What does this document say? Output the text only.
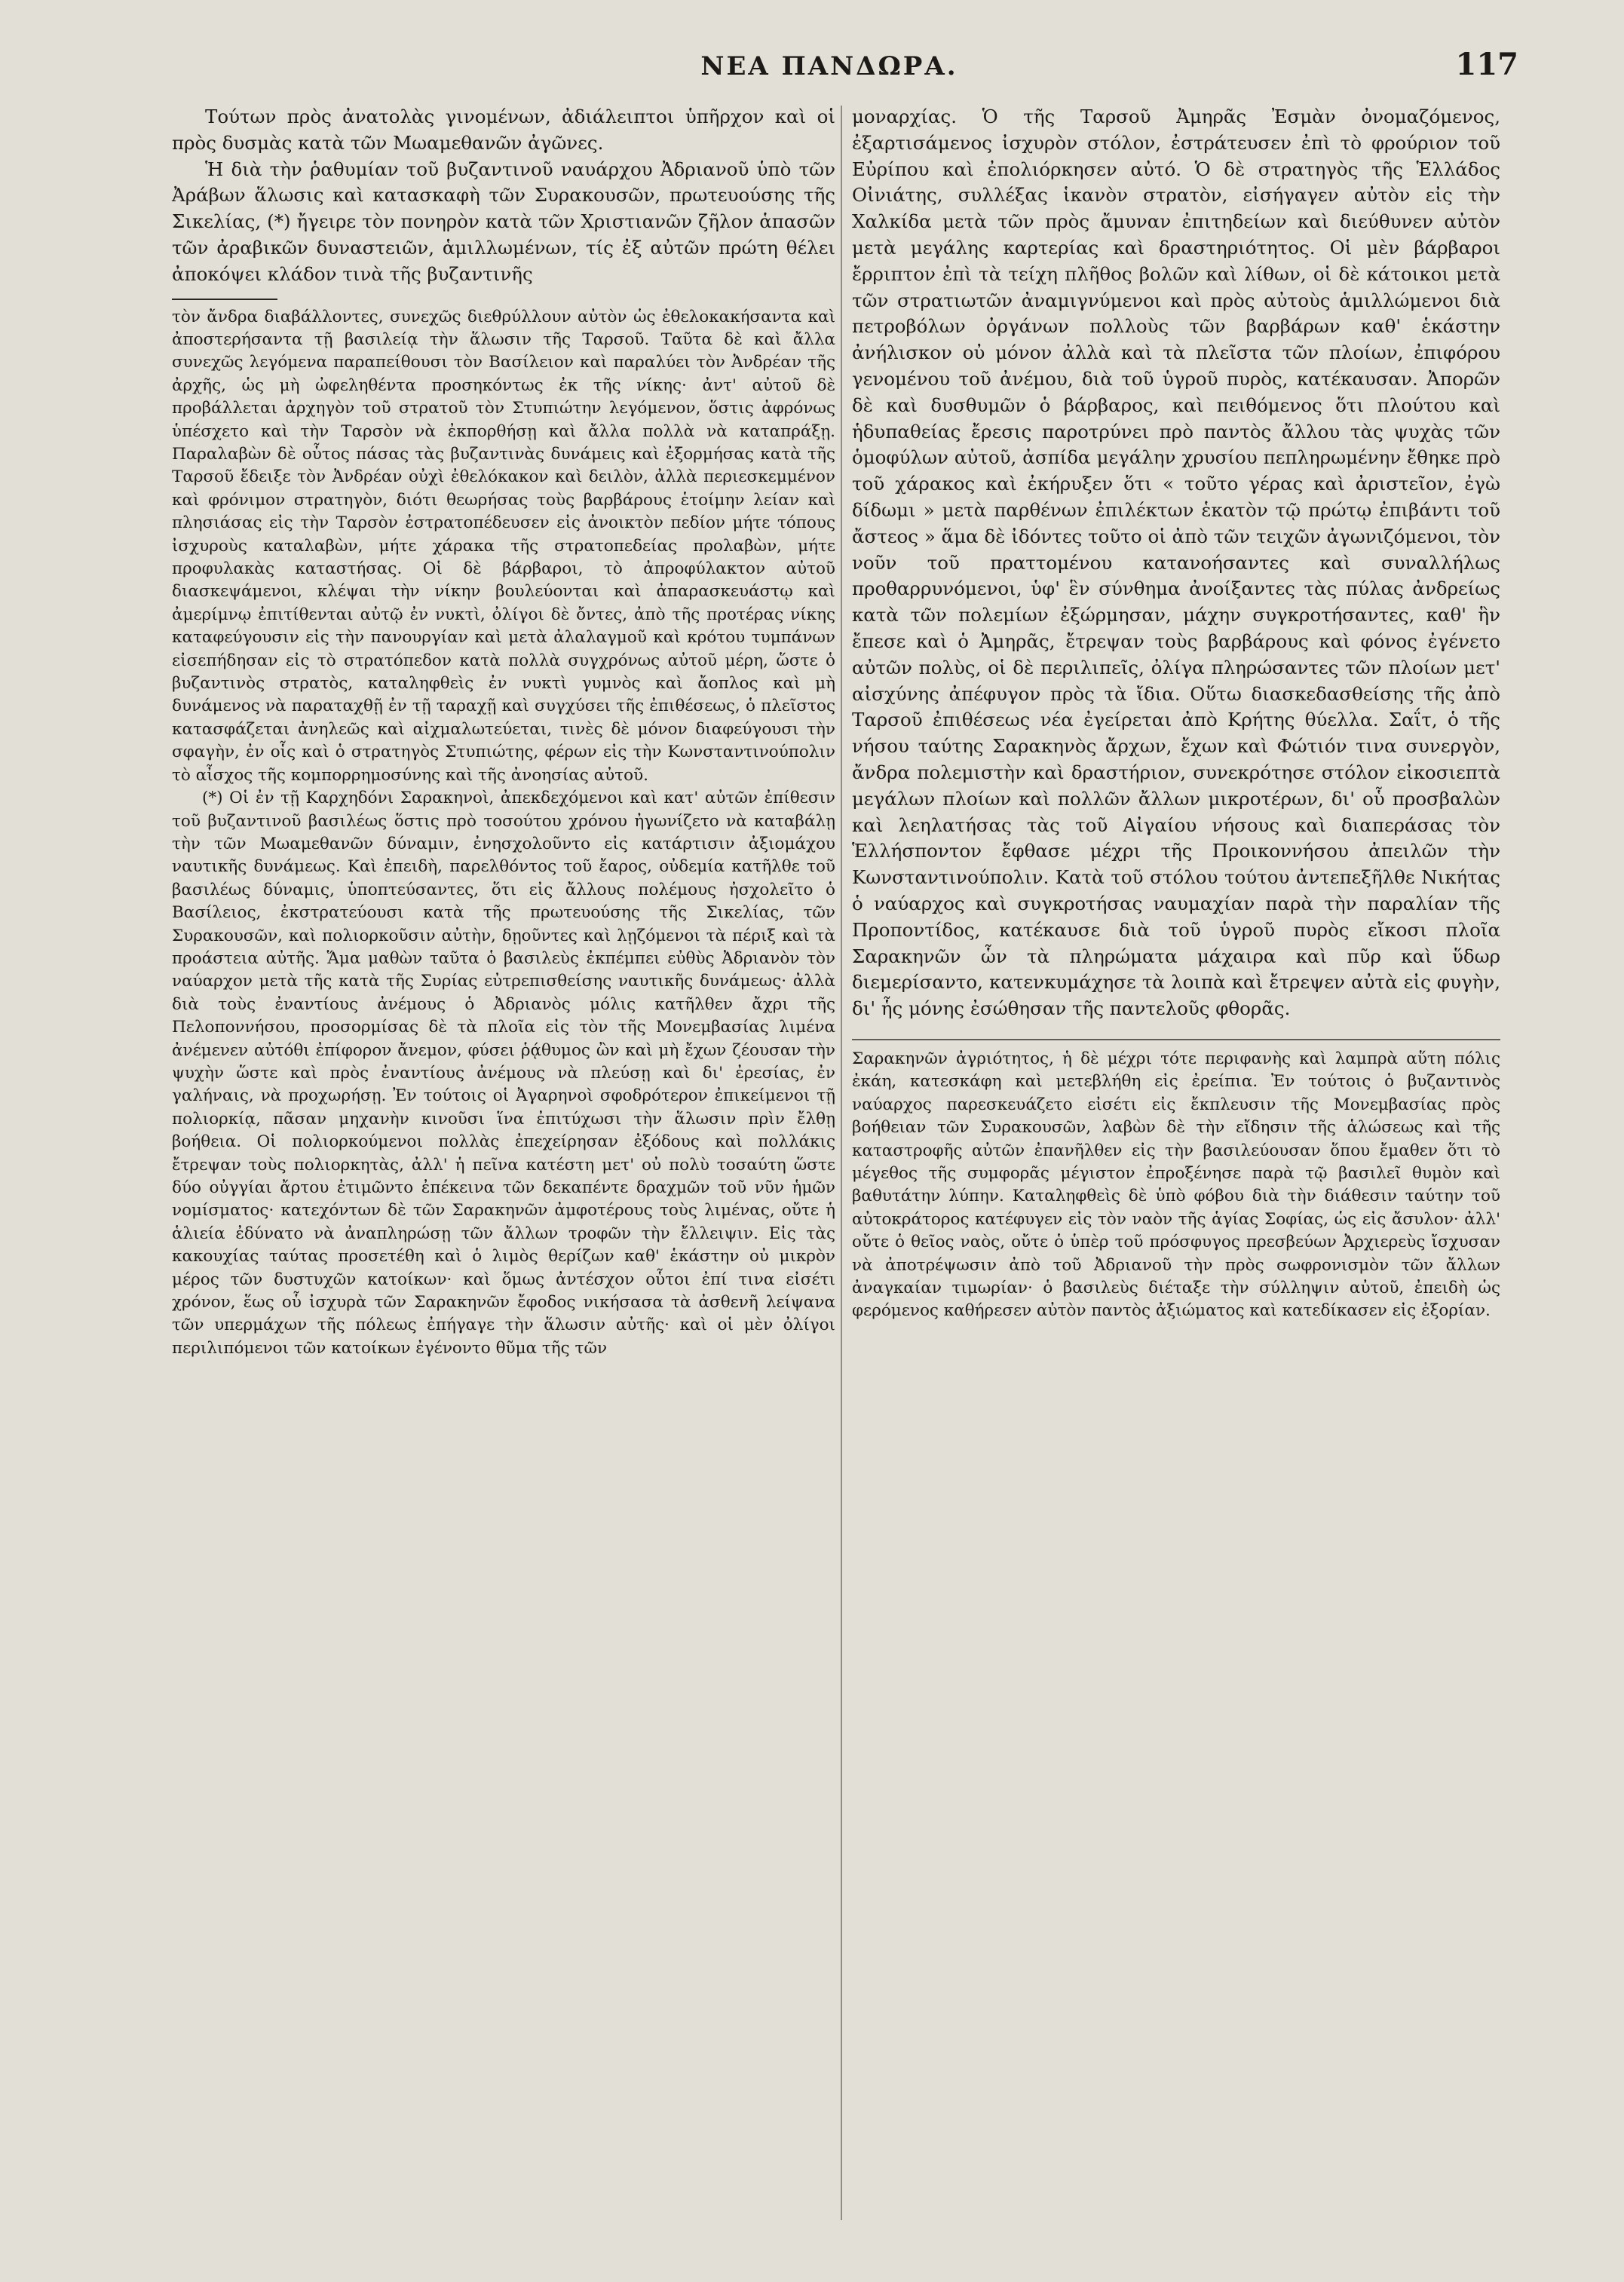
ΝΕΑ ΠΑΝΔΩΡΑ.	117

Τούτων πρὸς ἀνατολὰς γινομένων, ἀδιάλειπτοι ὑπῆρχον καὶ οἱ πρὸς δυσμὰς κατὰ τῶν Μωαμεθανῶν ἀγῶνες.

Ἡ διὰ τὴν ῥαθυμίαν τοῦ βυζαντινοῦ ναυάρχου Ἀδριανοῦ ὑπὸ τῶν Ἀράβων ἅλωσις καὶ κατασκαφὴ τῶν Συρακουσῶν, πρωτευούσης τῆς Σικελίας, (*) ἤγειρε τὸν πονηρὸν κατὰ τῶν Χριστιανῶν ζῆλον ἁπασῶν τῶν ἀραβικῶν δυναστειῶν, ἁμιλλωμένων, τίς ἐξ αὐτῶν πρώτη θέλει ἀποκόψει κλάδον τινὰ τῆς βυζαντινῆς

τὸν ἄνδρα διαβάλλοντες, συνεχῶς διεθρύλλουν αὐτὸν ὡς ἐθελοκακήσαντα καὶ ἀποστερήσαντα τῇ βασιλείᾳ τὴν ἅλωσιν τῆς Ταρσοῦ. Ταῦτα δὲ καὶ ἄλλα συνεχῶς λεγόμενα παραπείθουσι τὸν Βασίλειον καὶ παραλύει τὸν Ἀνδρέαν τῆς ἀρχῆς, ὡς μὴ ὠφεληθέντα προσηκόντως ἐκ τῆς νίκης· ἀντ' αὐτοῦ δὲ προβάλλεται ἀρχηγὸν τοῦ στρατοῦ τὸν Στυπιώτην λεγόμενον, ὅστις ἀφρόνως ὑπέσχετο καὶ τὴν Ταρσὸν νὰ ἐκπορθήσῃ καὶ ἄλλα πολλὰ νὰ καταπράξῃ. Παραλαβὼν δὲ οὗτος πάσας τὰς βυζαντινὰς δυνάμεις καὶ ἐξορμήσας κατὰ τῆς Ταρσοῦ ἔδειξε τὸν Ἀνδρέαν οὐχὶ ἐθελόκακον καὶ δειλὸν, ἀλλὰ περιεσκεμμένον καὶ φρόνιμον στρατηγὸν, διότι θεωρήσας τοὺς βαρβάρους ἑτοίμην λείαν καὶ πλησιάσας εἰς τὴν Ταρσὸν ἐστρατοπέδευσεν εἰς ἀνοικτὸν πεδίον μήτε τόπους ἰσχυροὺς καταλαβὼν, μήτε χάρακα τῆς στρατοπεδείας προλαβὼν, μήτε προφυλακὰς καταστήσας. Οἱ δὲ βάρβαροι, τὸ ἀπροφύλακτον αὐτοῦ διασκεψάμενοι, κλέψαι τὴν νίκην βουλεύονται καὶ ἀπαρασκευάστῳ καὶ ἀμερίμνῳ ἐπιτίθενται αὐτῷ ἐν νυκτὶ, ὀλίγοι δὲ ὄντες, ἀπὸ τῆς προτέρας νίκης καταφεύγουσιν εἰς τὴν πανουργίαν καὶ μετὰ ἀλαλαγμοῦ καὶ κρότου τυμπάνων εἰσεπήδησαν εἰς τὸ στρατόπεδον κατὰ πολλὰ συγχρόνως αὐτοῦ μέρη, ὥστε ὁ βυζαντινὸς στρατὸς, καταληφθεὶς ἐν νυκτὶ γυμνὸς καὶ ἄοπλος καὶ μὴ δυνάμενος νὰ παραταχθῇ ἐν τῇ ταραχῇ καὶ συγχύσει τῆς ἐπιθέσεως, ὁ πλεῖστος κατασφάζεται ἀνηλεῶς καὶ αἰχμαλωτεύεται, τινὲς δὲ μόνον διαφεύγουσι τὴν σφαγὴν, ἐν οἷς καὶ ὁ στρατηγὸς Στυπιώτης, φέρων εἰς τὴν Κωνσταντινούπολιν τὸ αἶσχος τῆς κομπορρημοσύνης καὶ τῆς ἀνοησίας αὐτοῦ.

(*) Οἱ ἐν τῇ Καρχηδόνι Σαρακηνοὶ, ἀπεκδεχόμενοι καὶ κατ' αὐτῶν ἐπίθεσιν τοῦ βυζαντινοῦ βασιλέως ὅστις πρὸ τοσούτου χρόνου ἠγωνίζετο νὰ καταβάλῃ τὴν τῶν Μωαμεθανῶν δύναμιν, ἐνησχολοῦντο εἰς κατάρτισιν ἀξιομάχου ναυτικῆς δυνάμεως. Καὶ ἐπειδὴ, παρελθόντος τοῦ ἔαρος, οὐδεμία κατῆλθε τοῦ βασιλέως δύναμις, ὑποπτεύσαντες, ὅτι εἰς ἄλλους πολέμους ἠσχολεῖτο ὁ Βασίλειος, ἐκστρατεύουσι κατὰ τῆς πρωτευούσης τῆς Σικελίας, τῶν Συρακουσῶν, καὶ πολιορκοῦσιν αὐτὴν, δῃοῦντες καὶ λῃζόμενοι τὰ πέριξ καὶ τὰ προάστεια αὐτῆς. Ἅμα μαθὼν ταῦτα ὁ βασιλεὺς ἐκπέμπει εὐθὺς Ἀδριανὸν τὸν ναύαρχον μετὰ τῆς κατὰ τῆς Συρίας εὐτρεπισθείσης ναυτικῆς δυνάμεως· ἀλλὰ διὰ τοὺς ἐναντίους ἀνέμους ὁ Ἀδριανὸς μόλις κατῆλθεν ἄχρι τῆς Πελοποννήσου, προσορμίσας δὲ τὰ πλοῖα εἰς τὸν τῆς Μονεμβασίας λιμένα ἀνέμενεν αὐτόθι ἐπίφορον ἄνεμον, φύσει ῥᾴθυμος ὢν καὶ μὴ ἔχων ζέουσαν τὴν ψυχὴν ὥστε καὶ πρὸς ἐναντίους ἀνέμους νὰ πλεύσῃ καὶ δι' ἐρεσίας, ἐν γαλήναις, νὰ προχωρήσῃ. Ἐν τούτοις οἱ Ἀγαρηνοὶ σφοδρότερον ἐπικείμενοι τῇ πολιορκίᾳ, πᾶσαν μηχανὴν κινοῦσι ἵνα ἐπιτύχωσι τὴν ἅλωσιν πρὶν ἔλθῃ βοήθεια. Οἱ πολιορκούμενοι πολλὰς ἐπεχείρησαν ἐξόδους καὶ πολλάκις ἔτρεψαν τοὺς πολιορκητὰς, ἀλλ' ἡ πεῖνα κατέστη μετ' οὐ πολὺ τοσαύτη ὥστε δύο οὐγγίαι ἄρτου ἐτιμῶντο ἐπέκεινα τῶν δεκαπέντε δραχμῶν τοῦ νῦν ἡμῶν νομίσματος· κατεχόντων δὲ τῶν Σαρακηνῶν ἀμφοτέρους τοὺς λιμένας, οὔτε ἡ ἁλιεία ἐδύνατο νὰ ἀναπληρώσῃ τῶν ἄλλων τροφῶν τὴν ἔλλειψιν. Εἰς τὰς κακουχίας ταύτας προσετέθη καὶ ὁ λιμὸς θερίζων καθ' ἑκάστην οὐ μικρὸν μέρος τῶν δυστυχῶν κατοίκων· καὶ ὅμως ἀντέσχον οὗτοι ἐπί τινα εἰσέτι χρόνον, ἕως οὗ ἰσχυρὰ τῶν Σαρακηνῶν ἔφοδος νικήσασα τὰ ἀσθενῆ λείψανα τῶν υπερμάχων τῆς πόλεως ἐπήγαγε τὴν ἅλωσιν αὐτῆς· καὶ οἱ μὲν ὀλίγοι περιλιπόμενοι τῶν κατοίκων ἐγένοντο θῦμα τῆς τῶν

μοναρχίας. Ὁ τῆς Ταρσοῦ Ἀμηρᾶς Ἐσμὰν ὀνομαζόμενος, ἐξαρτισάμενος ἰσχυρὸν στόλον, ἐστράτευσεν ἐπὶ τὸ φρούριον τοῦ Εὐρίπου καὶ ἐπολιόρκησεν αὐτό. Ὁ δὲ στρατηγὸς τῆς Ἑλλάδος Οἰνιάτης, συλλέξας ἱκανὸν στρατὸν, εἰσήγαγεν αὐτὸν εἰς τὴν Χαλκίδα μετὰ τῶν πρὸς ἄμυναν ἐπιτηδείων καὶ διεύθυνεν αὐτὸν μετὰ μεγάλης καρτερίας καὶ δραστηριότητος. Οἱ μὲν βάρβαροι ἔρριπτον ἐπὶ τὰ τείχη πλῆθος βολῶν καὶ λίθων, οἱ δὲ κάτοικοι μετὰ τῶν στρατιωτῶν ἀναμιγνύμενοι καὶ πρὸς αὐτοὺς ἁμιλλώμενοι διὰ πετροβόλων ὀργάνων πολλοὺς τῶν βαρβάρων καθ' ἑκάστην ἀνήλισκον οὐ μόνον ἀλλὰ καὶ τὰ πλεῖστα τῶν πλοίων, ἐπιφόρου γενομένου τοῦ ἀνέμου, διὰ τοῦ ὑγροῦ πυρὸς, κατέκαυσαν. Ἀπορῶν δὲ καὶ δυσθυμῶν ὁ βάρβαρος, καὶ πειθόμενος ὅτι πλούτου καὶ ἡδυπαθείας ἔρεσις παροτρύνει πρὸ παντὸς ἄλλου τὰς ψυχὰς τῶν ὁμοφύλων αὐτοῦ, ἀσπίδα μεγάλην χρυσίου πεπληρωμένην ἔθηκε πρὸ τοῦ χάρακος καὶ ἐκήρυξεν ὅτι « τοῦτο γέρας καὶ ἀριστεῖον, ἐγὼ δίδωμι » μετὰ παρθένων ἐπιλέκτων ἑκατὸν τῷ πρώτῳ ἐπιβάντι τοῦ ἄστεος » ἅμα δὲ ἰδόντες τοῦτο οἱ ἀπὸ τῶν τειχῶν ἀγωνιζόμενοι, τὸν νοῦν τοῦ πραττομένου κατανοήσαντες καὶ συναλλήλως προθαρρυνόμενοι, ὑφ' ἓν σύνθημα ἀνοίξαντες τὰς πύλας ἀνδρείως κατὰ τῶν πολεμίων ἐξώρμησαν, μάχην συγκροτήσαντες, καθ' ἣν ἔπεσε καὶ ὁ Ἀμηρᾶς, ἔτρεψαν τοὺς βαρβάρους καὶ φόνος ἐγένετο αὐτῶν πολὺς, οἱ δὲ περιλιπεῖς, ὀλίγα πληρώσαντες τῶν πλοίων μετ' αἰσχύνης ἀπέφυγον πρὸς τὰ ἴδια. Οὕτω διασκεδασθείσης τῆς ἀπὸ Ταρσοῦ ἐπιθέσεως νέα ἐγείρεται ἀπὸ Κρήτης θύελλα. Σαΐτ, ὁ τῆς νήσου ταύτης Σαρακηνὸς ἄρχων, ἔχων καὶ Φώτιόν τινα συνεργὸν, ἄνδρα πολεμιστὴν καὶ δραστήριον, συνεκρότησε στόλον εἰκοσιεπτὰ μεγάλων πλοίων καὶ πολλῶν ἄλλων μικροτέρων, δι' οὗ προσβαλὼν καὶ λεηλατήσας τὰς τοῦ Αἰγαίου νήσους καὶ διαπεράσας τὸν Ἑλλήσποντον ἔφθασε μέχρι τῆς Προικοννήσου ἀπειλῶν τὴν Κωνσταντινούπολιν. Κατὰ τοῦ στόλου τούτου ἀντεπεξῆλθε Νικήτας ὁ ναύαρχος καὶ συγκροτήσας ναυμαχίαν παρὰ τὴν παραλίαν τῆς Προποντίδος, κατέκαυσε διὰ τοῦ ὑγροῦ πυρὸς εἴκοσι πλοῖα Σαρακηνῶν ὧν τὰ πληρώματα μάχαιρα καὶ πῦρ καὶ ὕδωρ διεμερίσαντο, κατενκυμάχησε τὰ λοιπὰ καὶ ἔτρεψεν αὐτὰ εἰς φυγὴν, δι' ἧς μόνης ἐσώθησαν τῆς παντελοῦς φθορᾶς.

Σαρακηνῶν ἀγριότητος, ἡ δὲ μέχρι τότε περιφανὴς καὶ λαμπρὰ αὕτη πόλις ἐκάη, κατεσκάφη καὶ μετεβλήθη εἰς ἐρείπια. Ἐν τούτοις ὁ βυζαντινὸς ναύαρχος παρεσκευάζετο εἰσέτι εἰς ἔκπλευσιν τῆς Μονεμβασίας πρὸς βοήθειαν τῶν Συρακουσῶν, λαβὼν δὲ τὴν εἴδησιν τῆς ἁλώσεως καὶ τῆς καταστροφῆς αὐτῶν ἐπανῆλθεν εἰς τὴν βασιλεύουσαν ὅπου ἔμαθεν ὅτι τὸ μέγεθος τῆς συμφορᾶς μέγιστον ἐπροξένησε παρὰ τῷ βασιλεῖ θυμὸν καὶ βαθυτάτην λύπην. Καταληφθεὶς δὲ ὑπὸ φόβου διὰ τὴν διάθεσιν ταύτην τοῦ αὐτοκράτορος κατέφυγεν εἰς τὸν ναὸν τῆς ἁγίας Σοφίας, ὡς εἰς ἄσυλον· ἀλλ' οὔτε ὁ θεῖος ναὸς, οὔτε ὁ ὑπὲρ τοῦ πρόσφυγος πρεσβεύων Ἀρχιερεὺς ἴσχυσαν νὰ ἀποτρέψωσιν ἀπὸ τοῦ Ἀδριανοῦ τὴν πρὸς σωφρονισμὸν τῶν ἄλλων ἀναγκαίαν τιμωρίαν· ὁ βασιλεὺς διέταξε τὴν σύλληψιν αὐτοῦ, ἐπειδὴ ὡς φερόμενος καθήρεσεν αὐτὸν παντὸς ἀξιώματος καὶ κατεδίκασεν εἰς ἐξορίαν.
